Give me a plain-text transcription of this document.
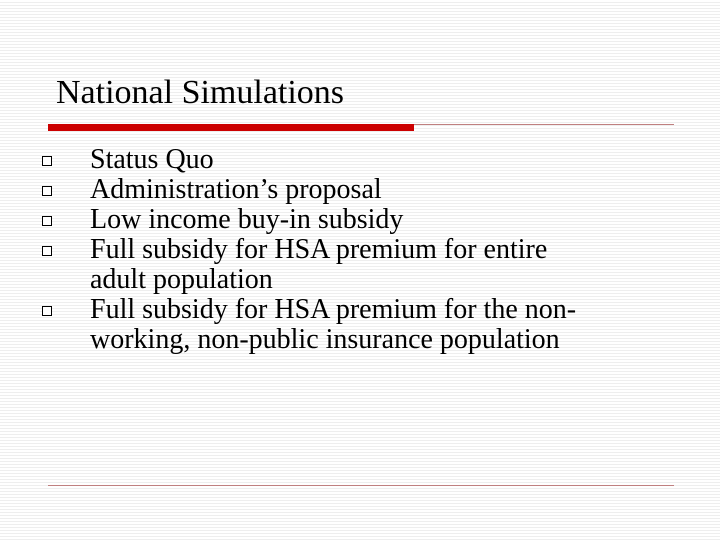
National Simulations
Status Quo
Administration’s proposal
Low income buy-in subsidy
Full subsidy for HSA premium for entire
adult population
Full subsidy for HSA premium for the non-
working, non-public insurance population
